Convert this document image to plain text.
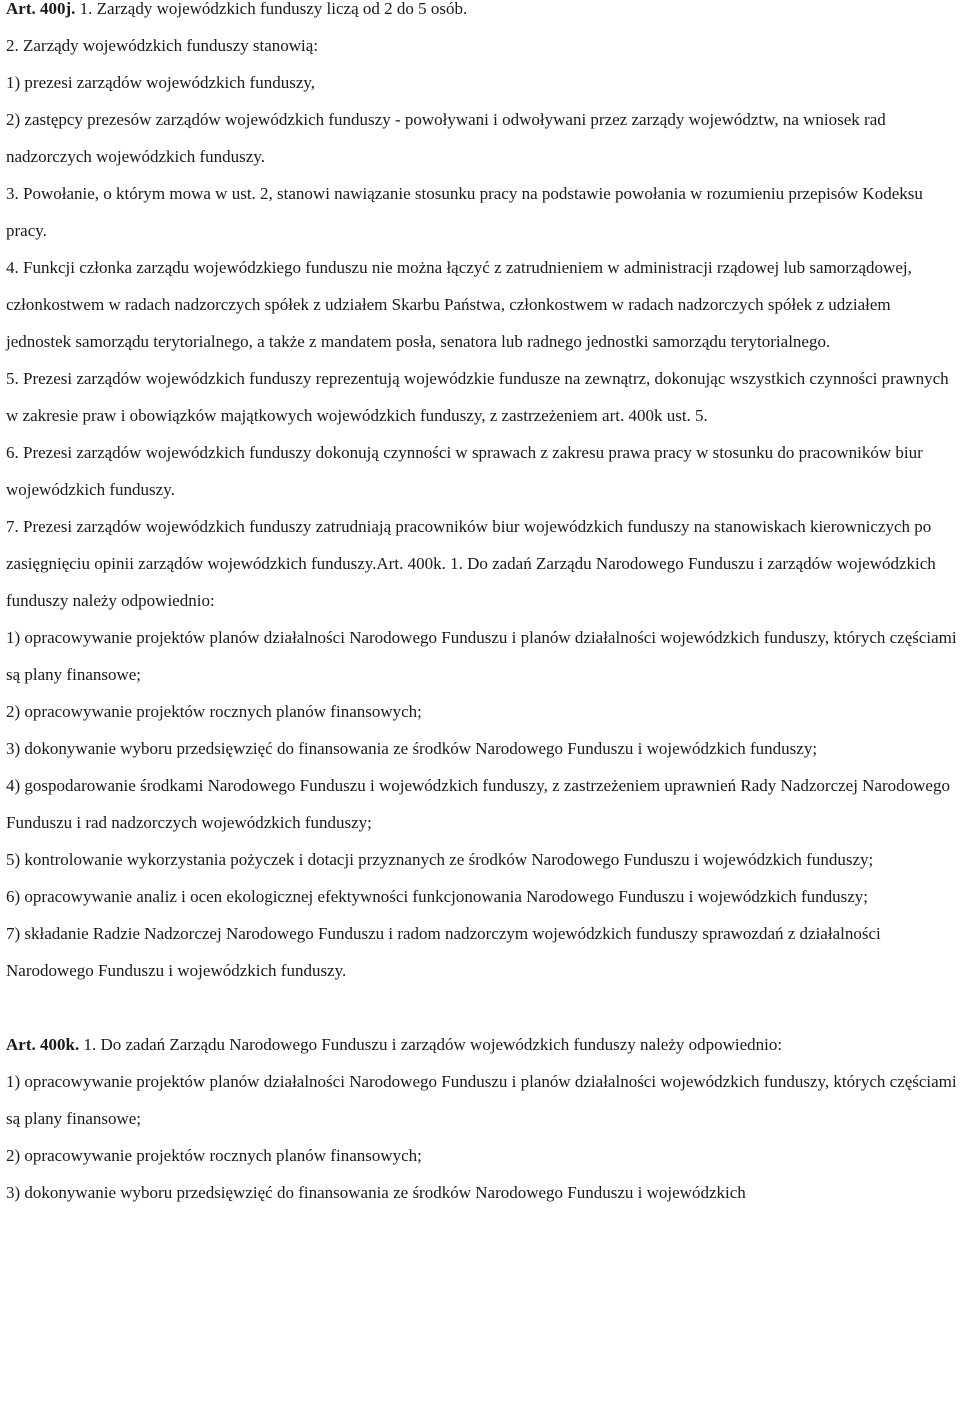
Art. 400j. 1. Zarządy wojewódzkich funduszy liczą od 2 do 5 osób.

2. Zarządy wojewódzkich funduszy stanowią:

1) prezesi zarządów wojewódzkich funduszy,

2) zastępcy prezesów zarządów wojewódzkich funduszy - powoływani i odwoływani przez zarządy województw, na wniosek rad nadzorczych wojewódzkich funduszy.

3. Powołanie, o którym mowa w ust. 2, stanowi nawiązanie stosunku pracy na podstawie powołania w rozumieniu przepisów Kodeksu pracy.

4. Funkcji członka zarządu wojewódzkiego funduszu nie można łączyć z zatrudnieniem w administracji rządowej lub samorządowej, członkostwem w radach nadzorczych spółek z udziałem Skarbu Państwa, członkostwem w radach nadzorczych spółek z udziałem jednostek samorządu terytorialnego, a także z mandatem posła, senatora lub radnego jednostki samorządu terytorialnego.

5. Prezesi zarządów wojewódzkich funduszy reprezentują wojewódzkie fundusze na zewnątrz, dokonując wszystkich czynności prawnych w zakresie praw i obowiązków majątkowych wojewódzkich funduszy, z zastrzeżeniem art. 400k ust. 5.

6. Prezesi zarządów wojewódzkich funduszy dokonują czynności w sprawach z zakresu prawa pracy w stosunku do pracowników biur wojewódzkich funduszy.

7. Prezesi zarządów wojewódzkich funduszy zatrudniają pracowników biur wojewódzkich funduszy na stanowiskach kierowniczych po zasięgnięciu opinii zarządów wojewódzkich funduszy.Art. 400k. 1. Do zadań Zarządu Narodowego Funduszu i zarządów wojewódzkich funduszy należy odpowiednio:

1) opracowywanie projektów planów działalności Narodowego Funduszu i planów działalności wojewódzkich funduszy, których częściami są plany finansowe;

2) opracowywanie projektów rocznych planów finansowych;

3) dokonywanie wyboru przedsięwzięć do finansowania ze środków Narodowego Funduszu i wojewódzkich funduszy;

4) gospodarowanie środkami Narodowego Funduszu i wojewódzkich funduszy, z zastrzeżeniem uprawnień Rady Nadzorczej Narodowego Funduszu i rad nadzorczych wojewódzkich funduszy;

5) kontrolowanie wykorzystania pożyczek i dotacji przyznanych ze środków Narodowego Funduszu i wojewódzkich funduszy;

6) opracowywanie analiz i ocen ekologicznej efektywności funkcjonowania Narodowego Funduszu i wojewódzkich funduszy;

7) składanie Radzie Nadzorczej Narodowego Funduszu i radom nadzorczym wojewódzkich funduszy sprawozdań z działalności Narodowego Funduszu i wojewódzkich funduszy.

Art. 400k. 1. Do zadań Zarządu Narodowego Funduszu i zarządów wojewódzkich funduszy należy odpowiednio:

1) opracowywanie projektów planów działalności Narodowego Funduszu i planów działalności wojewódzkich funduszy, których częściami są plany finansowe;

2) opracowywanie projektów rocznych planów finansowych;

3) dokonywanie wyboru przedsięwzięć do finansowania ze środków Narodowego Funduszu i wojewódzkich
